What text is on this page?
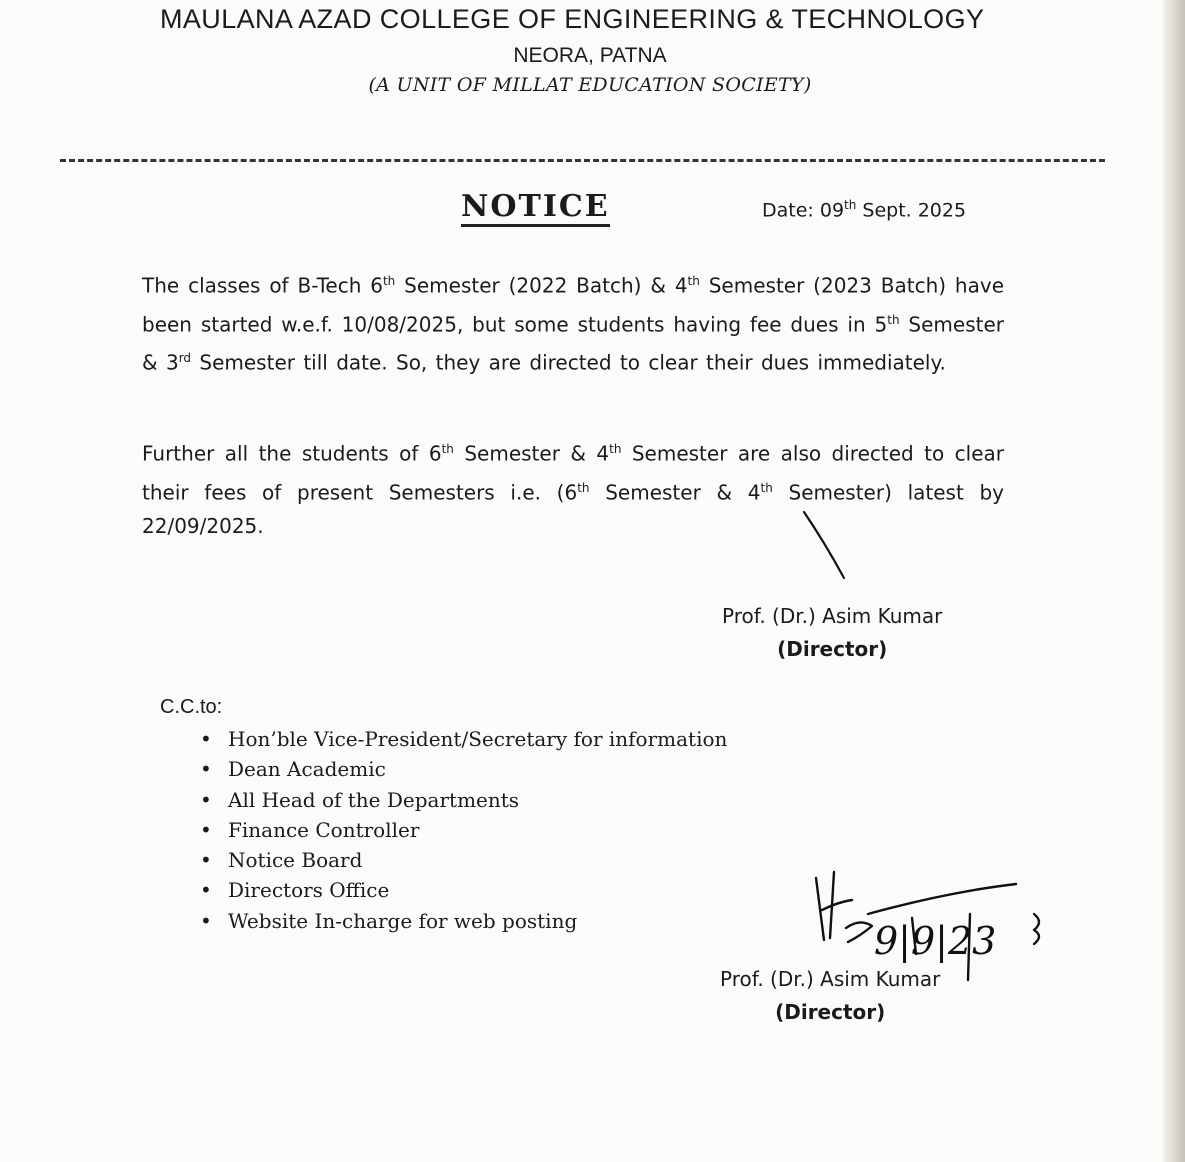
MAULANA AZAD COLLEGE OF ENGINEERING & TECHNOLOGY
NEORA, PATNA
(A UNIT OF MILLAT EDUCATION SOCIETY)
NOTICE	Date: 09th Sept. 2025
The classes of B-Tech 6th Semester (2022 Batch) & 4th Semester (2023 Batch) have been started w.e.f. 10/08/2025, but some students having fee dues in 5th Semester & 3rd Semester till date. So, they are directed to clear their dues immediately.
Further all the students of 6th Semester & 4th Semester are also directed to clear their fees of present Semesters i.e. (6th Semester & 4th Semester) latest by 22/09/2025.
Prof. (Dr.) Asim Kumar
(Director)
C.C.to:
• Hon’ble Vice-President/Secretary for information
• Dean Academic
• All Head of the Departments
• Finance Controller
• Notice Board
• Directors Office
• Website In-charge for web posting	9|9|23
Prof. (Dr.) Asim Kumar
(Director)
